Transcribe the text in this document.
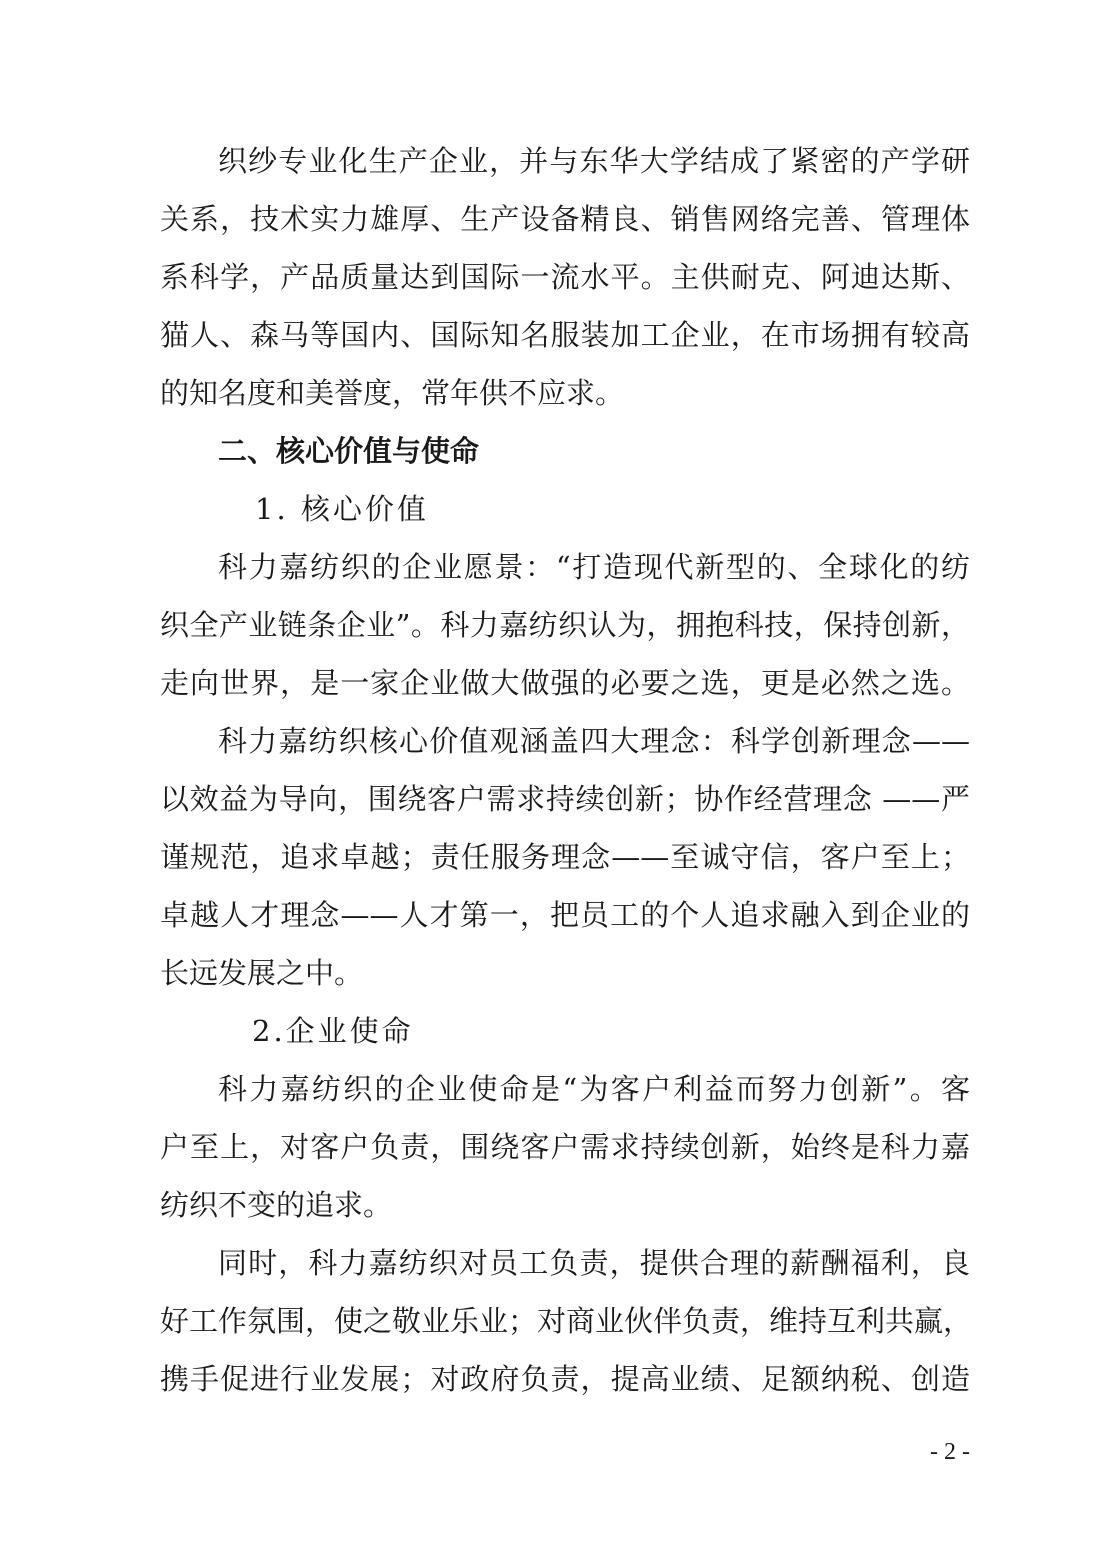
织纱专业化生产企业，并与东华大学结成了紧密的产学研
关系，技术实力雄厚、生产设备精良、销售网络完善、管理体
系科学，产品质量达到国际一流水平。主供耐克、阿迪达斯、
猫人、森马等国内、国际知名服装加工企业，在市场拥有较高
的知名度和美誉度，常年供不应求。
二、核心价值与使命
1. 核心价值
科力嘉纺织的企业愿景：“打造现代新型的、全球化的纺
织全产业链条企业”。科力嘉纺织认为，拥抱科技，保持创新，
走向世界，是一家企业做大做强的必要之选，更是必然之选。
科力嘉纺织核心价值观涵盖四大理念：科学创新理念——
以效益为导向，围绕客户需求持续创新；协作经营理念 ——严
谨规范，追求卓越；责任服务理念——至诚守信，客户至上；
卓越人才理念——人才第一，把员工的个人追求融入到企业的
长远发展之中。
2.企业使命
科力嘉纺织的企业使命是“为客户利益而努力创新”。客
户至上，对客户负责，围绕客户需求持续创新，始终是科力嘉
纺织不变的追求。
同时，科力嘉纺织对员工负责，提供合理的薪酬福利，良
好工作氛围，使之敬业乐业；对商业伙伴负责，维持互利共赢，
携手促进行业发展；对政府负责，提高业绩、足额纳税、创造
- 2 -
